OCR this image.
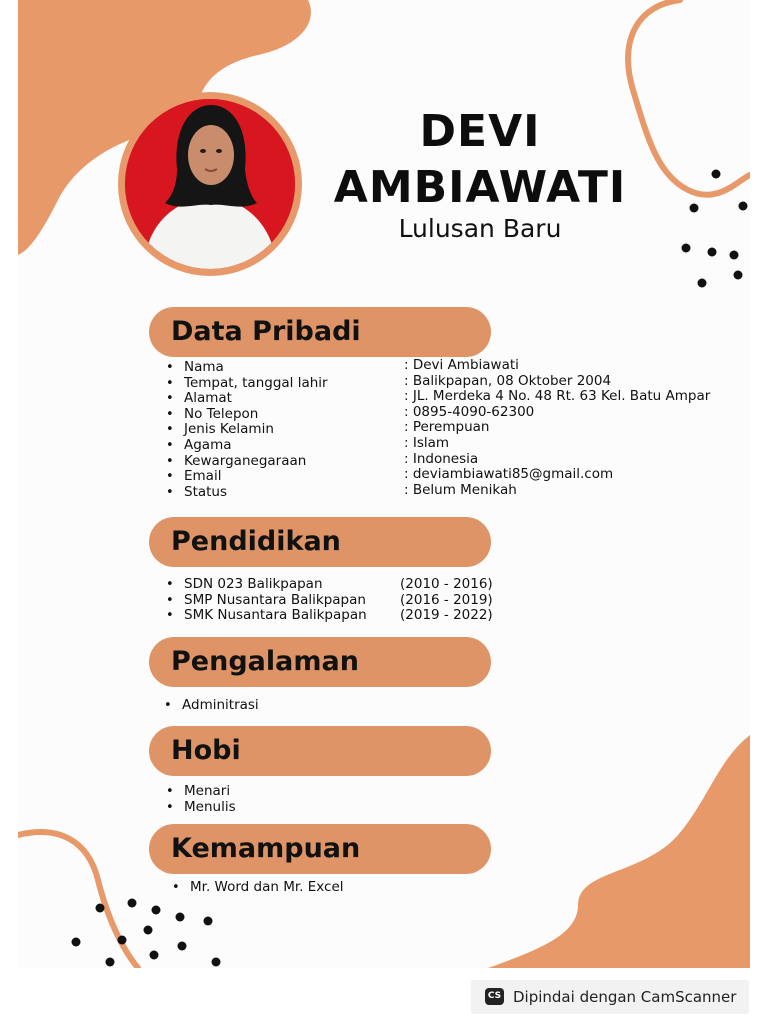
DEVI
AMBIAWATI
Lulusan Baru
Data Pribadi
• Nama
• Tempat, tanggal lahir
• Alamat
• No Telepon
• Jenis Kelamin
• Agama
• Kewarganegaraan
• Email
• Status
: Devi Ambiawati
: Balikpapan, 08 Oktober 2004
: JL. Merdeka 4 No. 48 Rt. 63 Kel. Batu Ampar
: 0895-4090-62300
: Perempuan
: Islam
: Indonesia
: deviambiawati85@gmail.com
: Belum Menikah
Pendidikan
• SDN 023 Balikpapan
• SMP Nusantara Balikpapan
• SMK Nusantara Balikpapan
(2010 - 2016)
(2016 - 2019)
(2019 - 2022)
Pengalaman
• Adminitrasi
Hobi
• Menari
• Menulis
Kemampuan
• Mr. Word dan Mr. Excel
CS Dipindai dengan CamScanner
